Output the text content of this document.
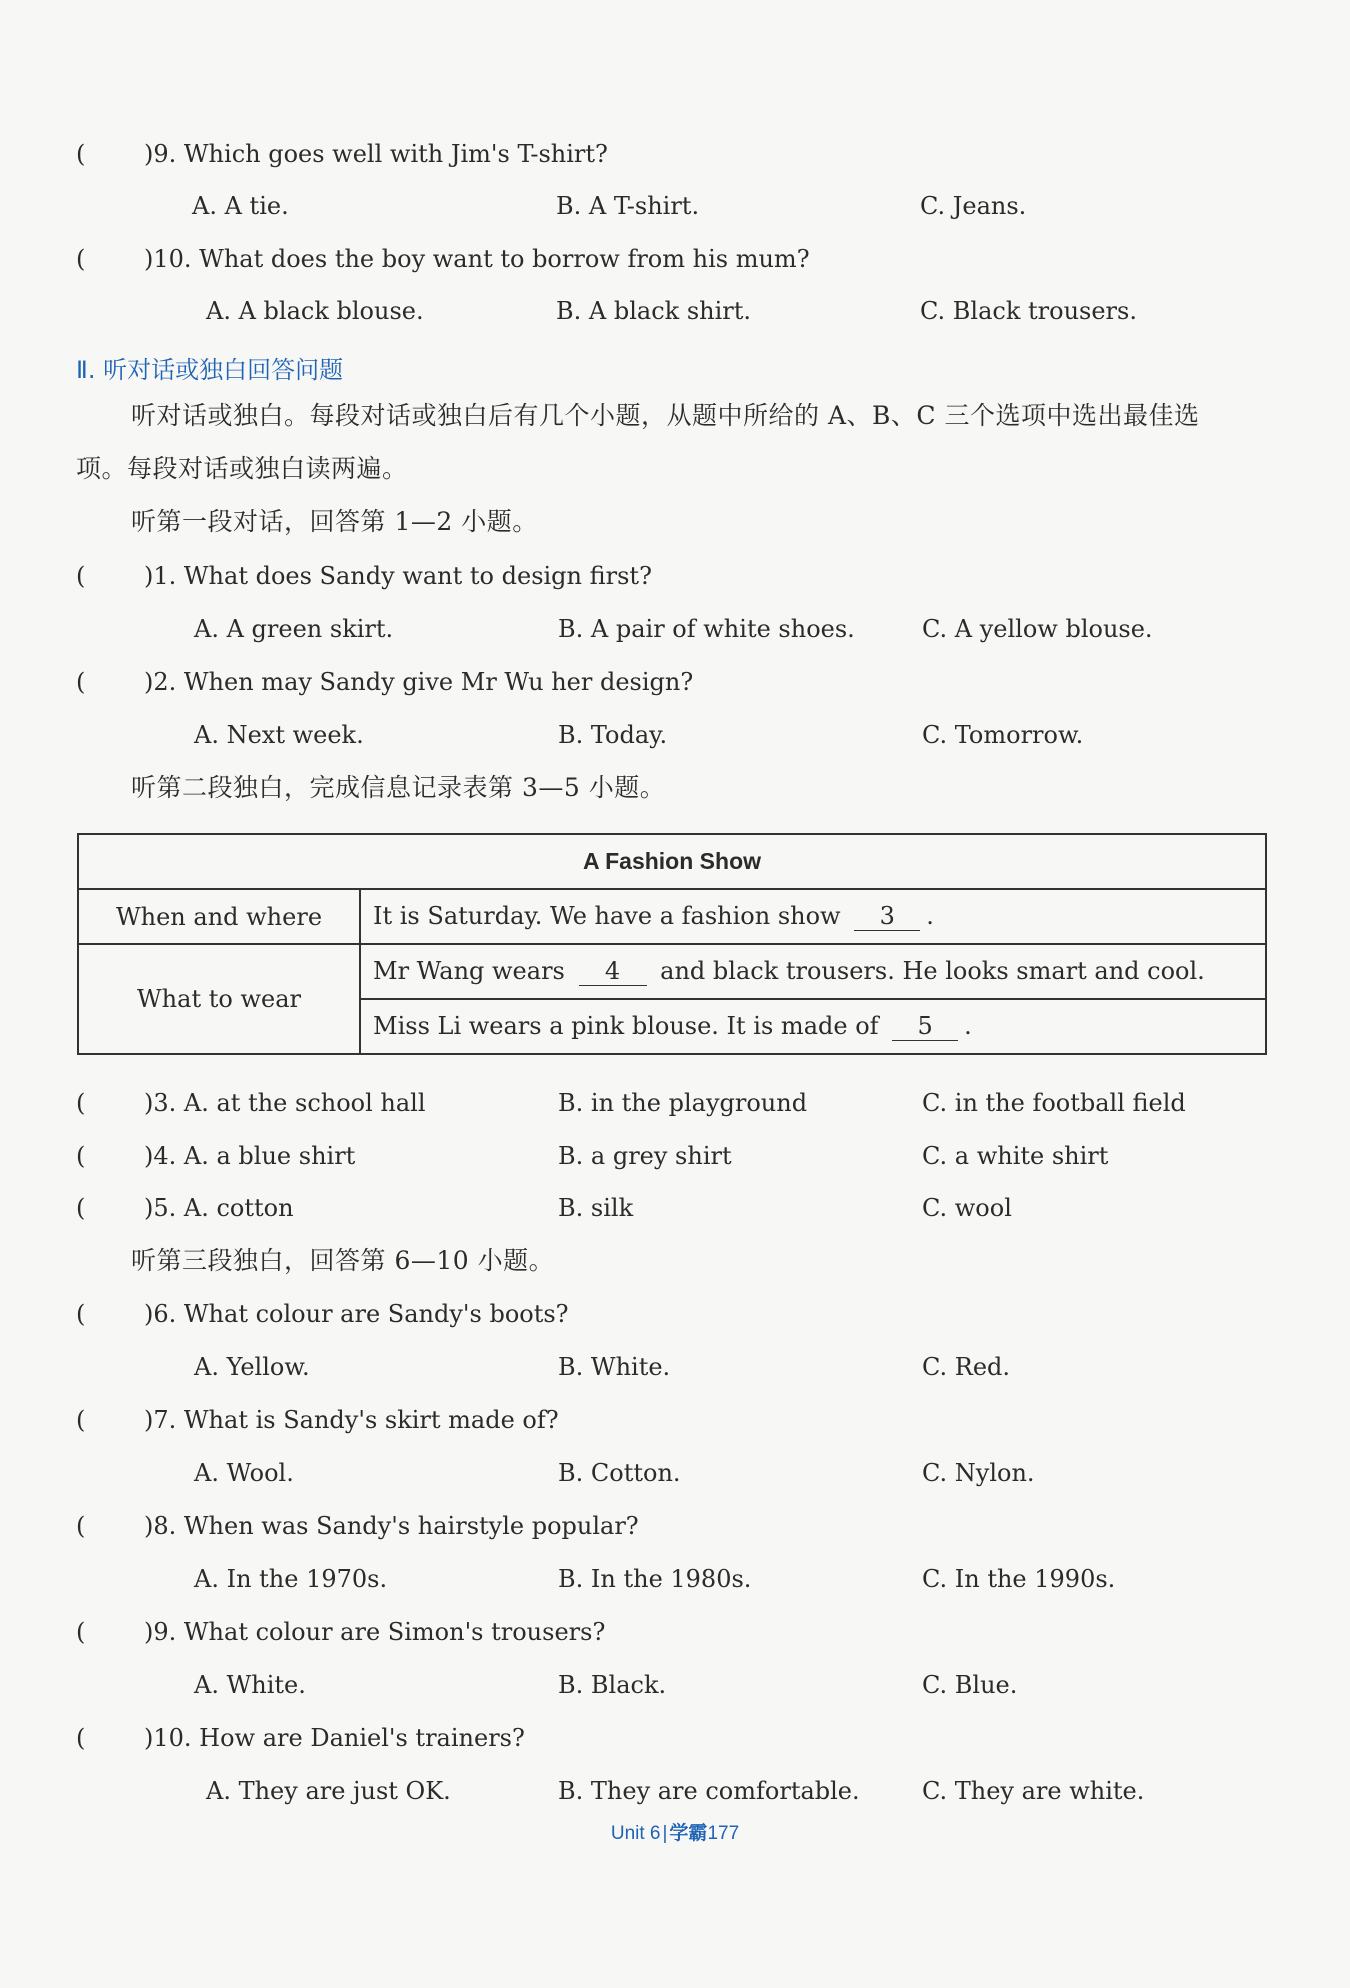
( )9. Which goes well with Jim's T-shirt?
A. A tie.	B. A T-shirt.	C. Jeans.
( )10. What does the boy want to borrow from his mum?
A. A black blouse.	B. A black shirt.	C. Black trousers.
Ⅱ. 听对话或独白回答问题
听对话或独白。每段对话或独白后有几个小题，从题中所给的 A、B、C 三个选项中选出最佳选
项。每段对话或独白读两遍。
听第一段对话，回答第 1—2 小题。
( )1. What does Sandy want to design first?
A. A green skirt.	B. A pair of white shoes.	C. A yellow blouse.
( )2. When may Sandy give Mr Wu her design?
A. Next week.	B. Today.	C. Tomorrow.
听第二段独白，完成信息记录表第 3—5 小题。
A Fashion Show	
When and where	It is Saturday. We have a fashion show 3 .
What to wear	Mr Wang wears 4 and black trousers. He looks smart and cool.
	Miss Li wears a pink blouse. It is made of 5 .
( )3. A. at the school hall	B. in the playground	C. in the football field
( )4. A. a blue shirt	B. a grey shirt	C. a white shirt
( )5. A. cotton	B. silk	C. wool
听第三段独白，回答第 6—10 小题。
( )6. What colour are Sandy's boots?
A. Yellow.	B. White.	C. Red.
( )7. What is Sandy's skirt made of?
A. Wool.	B. Cotton.	C. Nylon.
( )8. When was Sandy's hairstyle popular?
A. In the 1970s.	B. In the 1980s.	C. In the 1990s.
( )9. What colour are Simon's trousers?
A. White.	B. Black.	C. Blue.
( )10. How are Daniel's trainers?
A. They are just OK.	B. They are comfortable.	C. They are white.
Unit 6 | 学霸177
